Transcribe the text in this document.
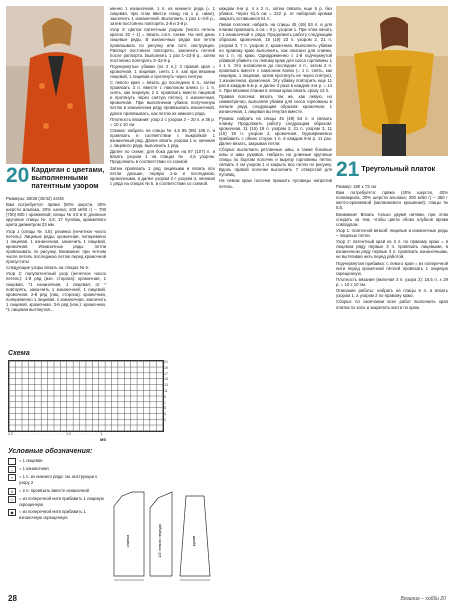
20 Кардиган с цветами, выполненными патентным узором

Размеры: 36/38 (40/42) 44/46

Вам потребуется: пряжа (50% шерсти, 30% шерсти альпака, 20% шелка; 100 м/50 г) – 700 (750) 800 г оранжевой; спицы № 4,5 и 5; длинные круговые спицы № 4,5; 17 пуговиц оранжевого цвета диаметром 23 мм.

Узор 1 (спицы № 4,5): резинка (нечетное число петель): Лицевые ряды: кромочная, поперемено 1 лицевая, 1 изнаночная, закончить 1 лицевой, кромочная. Изнаночные ряды: петли провязывать по рисунку. Внимание: при четном числе петель последнюю петлю перед кромочной пропустить!

Следующие узоры вязать на спицах № 5.

Узор 2: полупатентный узор (нечетное число петель): 1-й ряд (изн. сторона): кромочная, 1 лицевая, *1 изнаночная, 1 лицевая; от * повторять, закончить 1 изнаночной, 1 лицевой, кромочная. 2-й ряд (лиц. сторона): кромочная, попеременно 1 лицевая, 1 изнаночная, закончить 1 лицевой, кромочная. 3-й ряд (изн.): кромочная, *1 лицевая вытянутая...

менно 1 изнаночная, 1 п. из нижнего ряда (= 1 лицевая, при этом ввести спицу на 1 р. ниже), закончить 1 изнаночной. Выполнить 1 раз 1–3-й р., затем постоянно повторять 2-й и 3-й р.

Узор 3: цветок патентным узором (число петель кратно 20 + 1) = вязать согл. схеме. На ней даны лицевые ряды. В изнаночных рядах все петли провязывать по рисунку или согл. инструкции. Раппорт постоянно повторять, закончить петлей после раппорта. Выполнить 1 раз 1–22-й р., затем постоянно повторять 3–22-й р.

Подчеркнутые убавки (по 2 п.): 3 правой края = кромочная, 1 лицевая, снять 1 п. как при вязании лицевой, 1 лицевая и протянуть через снятую.

С левого края = вязать до последних 5 п., затем провязать 3 п. вместе с наклоном влево (= 1 п. снять, как лицевую, 2 п. провязать вместе лицевой и протянуть через снятую петлю), 1 изнаночная, кромочная. При выполнении убавок полученную петлю в изнаночном ряду провязывать изнаночной, далее провязывать, как петлю из нижнего ряда.

Плотность вязания: узор 2 с узором 3 – 20 п. и 36 р. = 10 х 10 см.

Спинка: набрать на спицы № 4,5 85 (95) 105 п. и провязать в соответствии с выкройкой 1 изнаночный ряд. Далее вязать узором 1 и, начиная с лицевого ряда, выполнить 1 ряд.

Далее по схеме; для бока далее на 97 (107) п. и вязать узором 1 на спицах № 4,5 узором. Продолжить в соответствии со схемой.

Затем провязать 1 ряд лицевыми и вязать все петли дальше, первую 1-ю и последнюю, кромочными, и далее узором 2 с узором 3, начиная с ряда на спицах № 5, в соответствии со схемой.

каждом 6-м р. 4 х 2 п., затем связать еще 6 р. без убавок. Через 61,5 см = 222 р. от наборной кромки закрыть оставшиеся 61 п.

Левая полочка: набрать на спицы 45 (49) 53 п. и для планки провязать 4 см = 9 р. узором 1. При этом начать с 1 изнаночной п. ряда. Продолжить работу следующим образом: кромочная, 15 (19) 23 п. узором 2, 21 п. узором 3, 7 п. узором 2, кромочная. Выполнить убавки по правому краю выполнить, как описано для спинки, на 1 п. по краю. Однарременно с 1-й подчеркнутой убавкой убавить по левому краю для скоса горловины 1 х 1 п. Это знозволено до последних 4 п., затем 2 п. провязать вместе с наклоном влево (= 1 п. снять, как лицевую, 1 лицевая, затем протянуть ее через снятую), 1 изнаночная, кромочная. Эту убавку повторить еще 11 раз в каждом 6-м р. и далее 3 раза в каждом 4-м р. = 14 п. При вязании планки в левом краю вязать сразу 12 п.

Правая полочка: вязать так же, как левую, но симметрично, выполняя убавки для скоса горловины в начале ряда, следующим образом: кромочная, 1 изнаночная, 1 лицевая вытянутая вместе.

Рукава: набрать на спицы 45 (49) 53 п. и связать планку. Продолжить работу следующим образом: кромочная, 11 (15) 19 п. узором 2, 21 п. узором 3, 11 (15) 19 п. узором 2, кромочная. Одновременно прибавить с обеих сторон 1 п. в каждом 8-м р. 11 раз. Далее вязать, закрывая петли.

Сборка: выполнить ретланные швы, а также боковые швы и швы рукавов. Набрать на длинные круговые спицы по бортам полочек и вырезу горловины петли, связать 4 см узором 1 и закрыть все петли по рисунку. Вдоль правой полочки выполнить 7 отверстий для пуговиц.

На левом краю полочки пришить пуговицы напротив петель.

21 Треугольный платок

Размер: 180 х 73 см

Вам потребуется: пряжа (40% шерсти, 40% полиакрила, 20% шерсти альпака; 300 м/50 г) – 350 г желто-оранжевой (меланжевого крашения); спицы № 5,5.

Внимание! Вязать только двумя нитями, при этом следить за тем, чтобы цвета обоих клубков пряжи совпадали.

Узор 1: платочной вязкой: лицевые и изнаночные ряды – лицевые петли.

Узор 2: патентный край из 3 п. по правому краю = в лицевом ряду первые 3 п. провязать лицевыми, в изнаночном ряду первые 3 п. провязать изнаночными, не вытягивая нить перед работой.

Подчеркнутая прибавка: с левого края = из поперечной нити перед кромочной петлей провязать 1 лицевую скрещенную.

Плотность вязания (включая 3 п. узора 2): 16,5 п. х 29 р. = 10 х 10 см.

Описание работы: набрать на спицы 6 п. и вязать узором 1, а узором 2 по правому краю.

Сборка: по окончании всех работ выполнить края платка по косе и закрепить кисти по краю.

Схема
21
19
17
15
13
11
9
7
5
3
1
20 . . . . . . . . . . . . . . . 10 . . . . . . . . 1
МS
Условные обозначения:
= 1 лицевая
–	= 1 изнаночная
∩	= 1 п. из нижнего ряда: см. инструкции к узору 2
∧	= 2 п. провязать вместе изнаночной
◇	= из поперечной нити прибавить 1 лицевую скрещенную
◆	= из поперечной нити прибавить 1 изнаночную скрещенную
спинка	1/2 левого переда	рукав
28	Вязание – хобби 20
